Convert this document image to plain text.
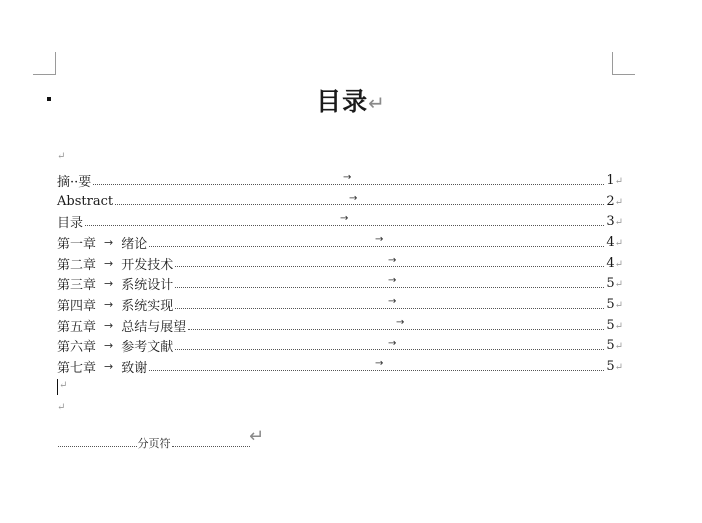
目录↵
↵
摘··要	→	1↵
Abstract	→	2↵
目录	→	3↵
第一章 → 绪论	→	4↵
第二章 → 开发技术	→	4↵
第三章 → 系统设计	→	5↵
第四章 → 系统实现	→	5↵
第五章 → 总结与展望	→	5↵
第六章 → 参考文献	→	5↵
第七章 → 致谢	→	5↵
↵
↵
分页符	↵
